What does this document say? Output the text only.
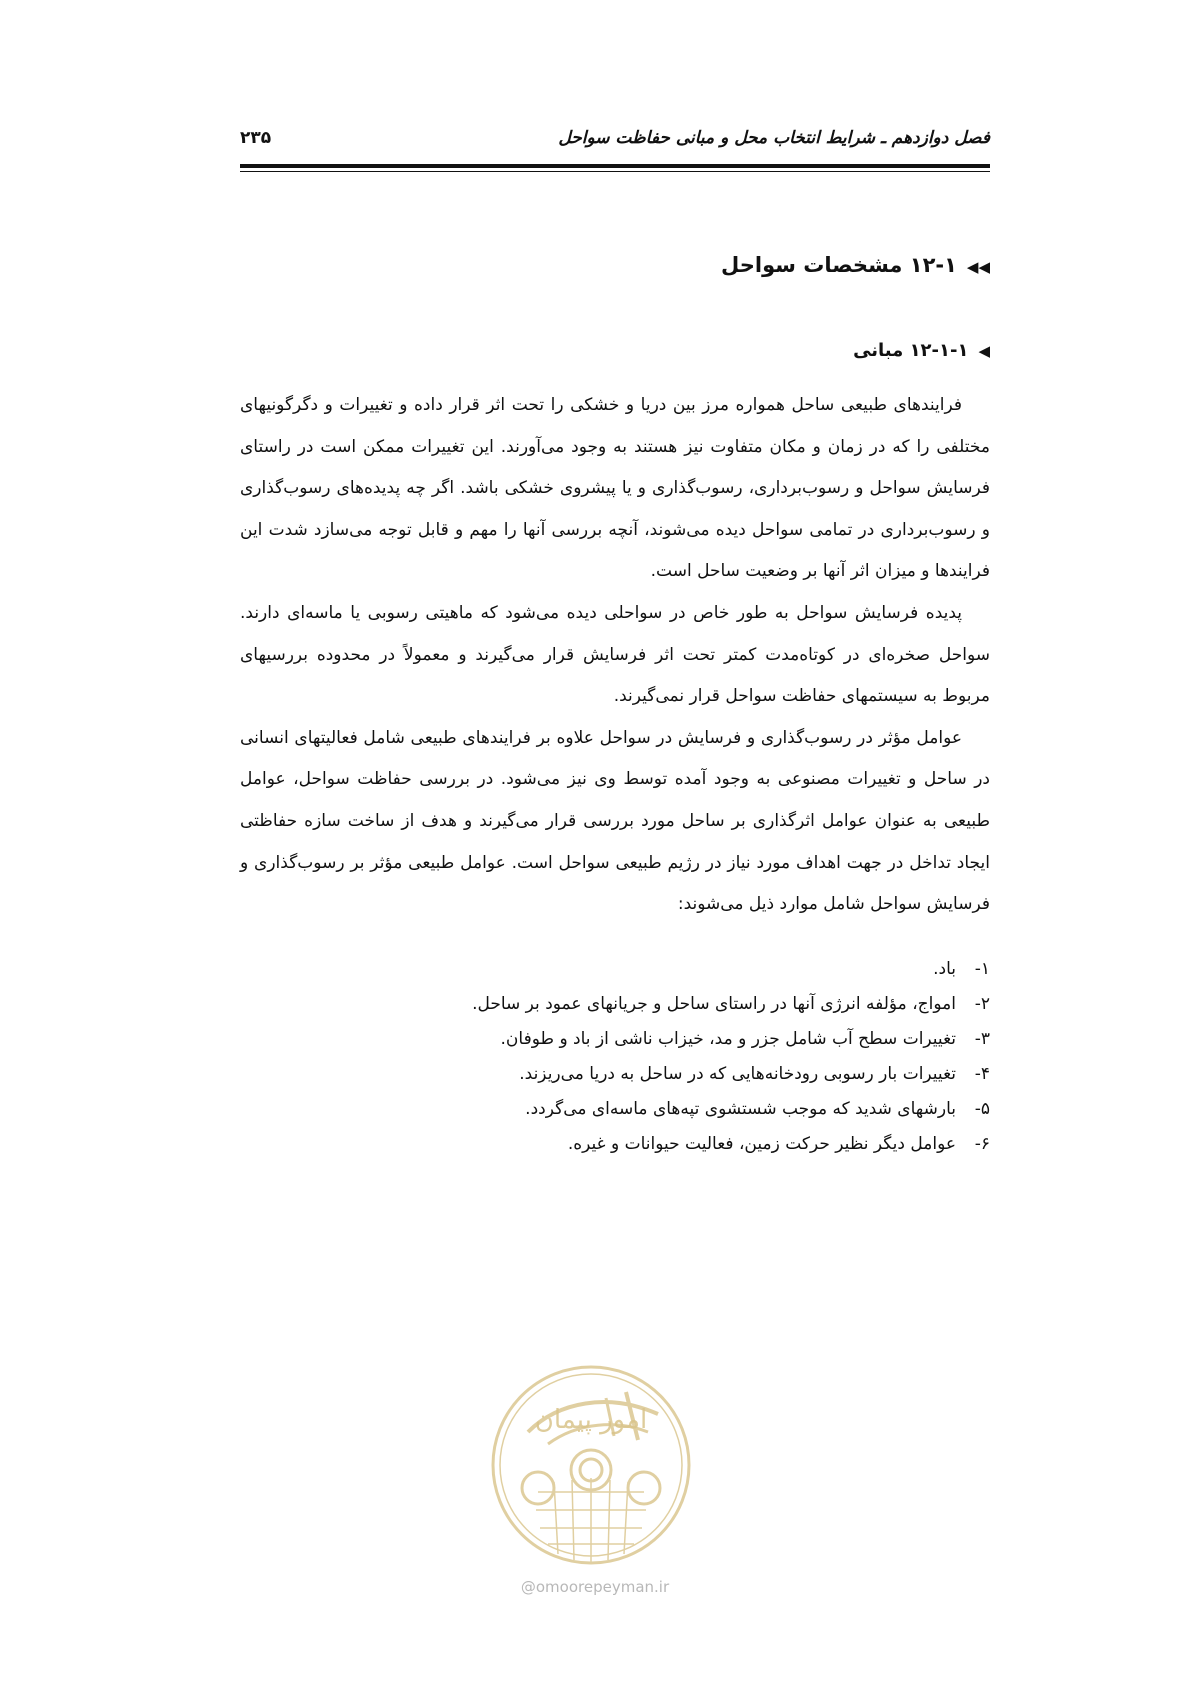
فصل دوازدهم ـ شرایط انتخاب محل و مبانی حفاظت سواحل
۲۳۵
◀◀۱۲-۱ مشخصات سواحل
◀۱۲-۱-۱ مبانی

فرایندهای طبیعی ساحل همواره مرز بین دریا و خشکی را تحت اثر قرار داده و تغییرات و دگرگونیهای مختلفی را که در زمان و مکان متفاوت نیز هستند به وجود می‌آورند. این تغییرات ممکن است در راستای فرسایش سواحل و رسوب‌برداری، رسوب‌گذاری و یا پیشروی خشکی باشد. اگر چه پدیده‌های رسوب‌گذاری و رسوب‌برداری در تمامی سواحل دیده می‌شوند، آنچه بررسی آنها را مهم و قابل توجه می‌سازد شدت این فرایندها و میزان اثر آنها بر وضعیت ساحل است.

پدیده فرسایش سواحل به طور خاص در سواحلی دیده می‌شود که ماهیتی رسوبی یا ماسه‌ای دارند. سواحل صخره‌ای در کوتاه‌مدت کمتر تحت اثر فرسایش قرار می‌گیرند و معمولاً در محدوده بررسیهای مربوط به سیستمهای حفاظت سواحل قرار نمی‌گیرند.

عوامل مؤثر در رسوب‌گذاری و فرسایش در سواحل علاوه بر فرایندهای طبیعی شامل فعالیتهای انسانی در ساحل و تغییرات مصنوعی به وجود آمده توسط وی نیز می‌شود. در بررسی حفاظت سواحل، عوامل طبیعی به عنوان عوامل اثرگذاری بر ساحل مورد بررسی قرار می‌گیرند و هدف از ساخت سازه حفاظتی ایجاد تداخل در جهت اهداف مورد نیاز در رژیم طبیعی سواحل است. عوامل طبیعی مؤثر بر رسوب‌گذاری و فرسایش سواحل شامل موارد ذیل می‌شوند:

۱-باد.
۲-امواج، مؤلفه انرژی آنها در راستای ساحل و جریانهای عمود بر ساحل.
۳-تغییرات سطح آب شامل جزر و مد، خیزاب ناشی از باد و طوفان.
۴-تغییرات بار رسوبی رودخانه‌هایی که در ساحل به دریا می‌ریزند.
۵-بارشهای شدید که موجب شستشوی تپه‌های ماسه‌ای می‌گردد.
۶-عوامل دیگر نظیر حرکت زمین، فعالیت حیوانات و غیره.
امور پیمان
@omoorepeyman.ir
